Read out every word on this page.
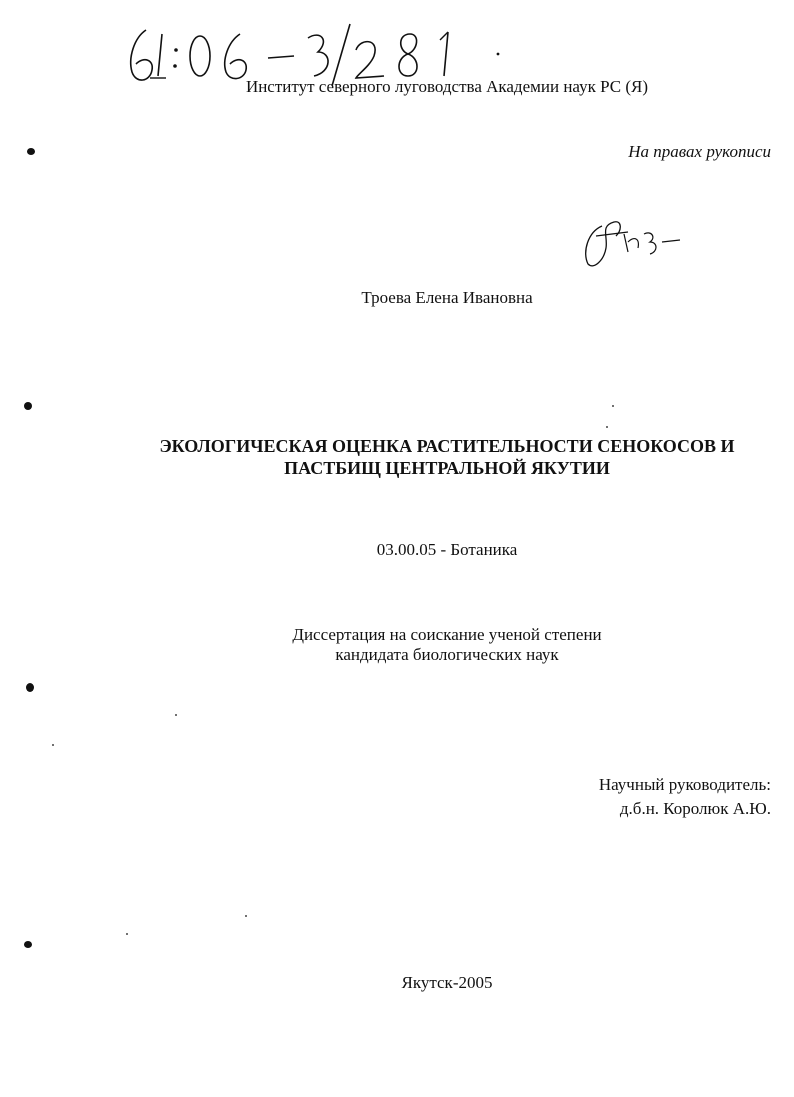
Институт северного луговодства Академии наук РС (Я)
На правах рукописи
Троева Елена Ивановна
ЭКОЛОГИЧЕСКАЯ ОЦЕНКА РАСТИТЕЛЬНОСТИ СЕНОКОСОВ И
ПАСТБИЩ ЦЕНТРАЛЬНОЙ ЯКУТИИ
03.00.05 - Ботаника
Диссертация на соискание ученой степени
кандидата биологических наук
Научный руководитель:
д.б.н. Королюк А.Ю.
Якутск-2005
